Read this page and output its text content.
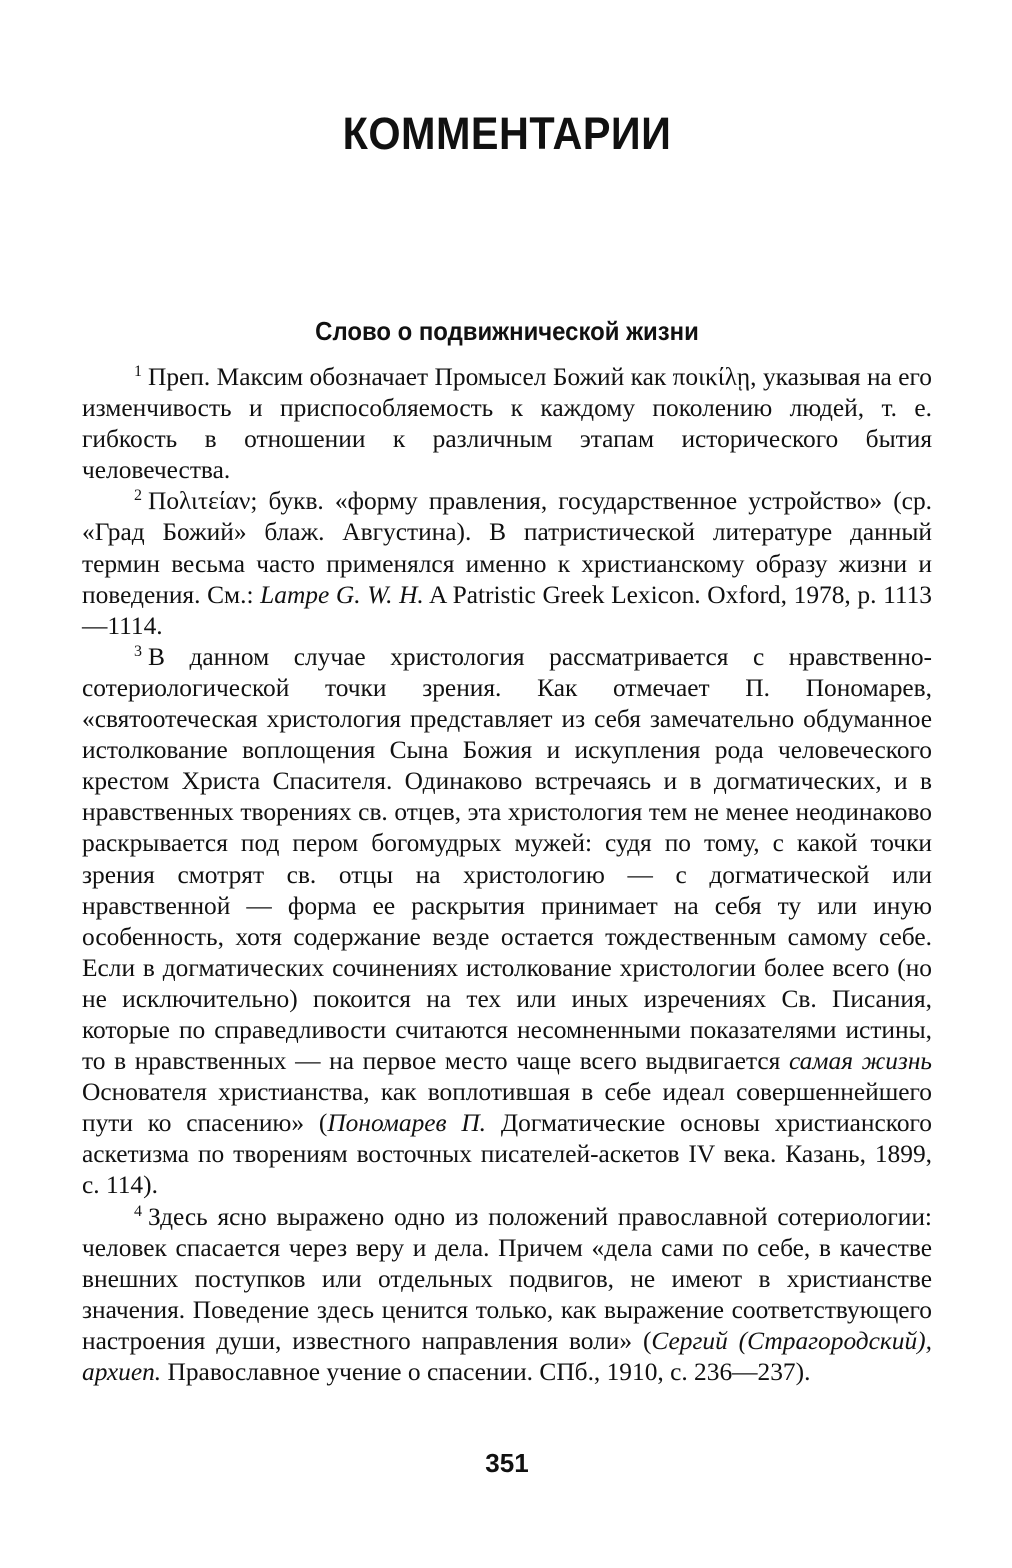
КОММЕНТАРИИ
Слово о подвижнической жизни

$^1$ Преп. Максим обозначает Промысел Божий как ποικίλῃ, указывая на его изменчивость и приспособляемость к каждому поколению людей, т. е. гибкость в отношении к различным этапам исторического бытия человечества.

$^2$ Πολιτείαν; букв. «форму правления, государственное устройство» (ср. «Град Божий» блаж. Августина). В патристической литературе данный термин весьма часто применялся именно к христианскому образу жизни и поведения. См.: Lampe G. W. H. A Patristic Greek Lexicon. Oxford, 1978, p. 1113—1114.

$^3$ В данном случае христология рассматривается с нравственно-сотериологической точки зрения. Как отмечает П. Пономарев, «святоотеческая христология представляет из себя замечательно обдуманное истолкование воплощения Сына Божия и искупления рода человеческого крестом Христа Спасителя. Одинаково встречаясь и в догматических, и в нравственных творениях св. отцев, эта христология тем не менее неодинаково раскрывается под пером богомудрых мужей: судя по тому, с какой точки зрения смотрят св. отцы на христологию — с догматической или нравственной — форма ее раскрытия принимает на себя ту или иную особенность, хотя содержание везде остается тождественным самому себе. Если в догматических сочинениях истолкование христологии более всего (но не исключительно) покоится на тех или иных изречениях Св. Писания, которые по справедливости считаются несомненными показателями истины, то в нравственных — на первое место чаще всего выдвигается самая жизнь Основателя христианства, как воплотившая в себе идеал совершеннейшего пути ко спасению» (Пономарев П. Догматические основы христианского аскетизма по творениям восточных писателей-аскетов IV века. Казань, 1899, с. 114).

$^4$ Здесь ясно выражено одно из положений православной сотериологии: человек спасается через веру и дела. Причем «дела сами по себе, в качестве внешних поступков или отдельных подвигов, не имеют в христианстве значения. Поведение здесь ценится только, как выражение соответствующего настроения души, известного направления воли» (Сергий (Страгородский), архиеп. Православное учение о спасении. СПб., 1910, с. 236—237).

351
